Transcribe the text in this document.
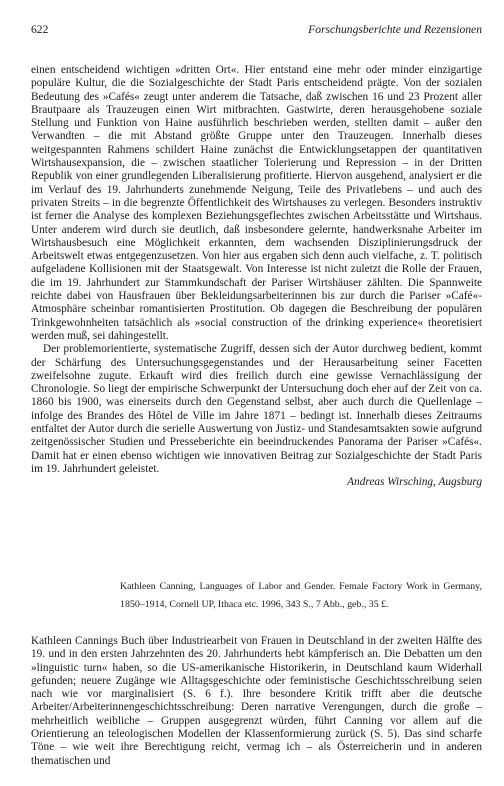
622	Forschungsberichte und Rezensionen

einen entscheidend wichtigen »dritten Ort«. Hier entstand eine mehr oder minder einzigartige populäre Kultur, die die Sozialgeschichte der Stadt Paris entscheidend prägte. Von der sozialen Bedeutung des »Cafés« zeugt unter anderem die Tatsache, daß zwischen 16 und 23 Prozent aller Brautpaare als Trauzeugen einen Wirt mitbrachten. Gastwirte, deren herausgehobene soziale Stellung und Funktion von Haine ausführlich beschrieben werden, stellten damit – außer den Verwandten – die mit Abstand größte Gruppe unter den Trauzeugen. Innerhalb dieses weitgespannten Rahmens schildert Haine zunächst die Entwicklungsetappen der quantitativen Wirtshausexpansion, die – zwischen staatlicher Tolerierung und Repression – in der Dritten Republik von einer grundlegenden Liberalisierung profitierte. Hiervon ausgehend, analysiert er die im Verlauf des 19. Jahrhunderts zunehmende Neigung, Teile des Privatlebens – und auch des privaten Streits – in die begrenzte Öffentlichkeit des Wirtshauses zu verlegen. Besonders instruktiv ist ferner die Analyse des komplexen Beziehungsgeflechtes zwischen Arbeitsstätte und Wirtshaus. Unter anderem wird durch sie deutlich, daß insbesondere gelernte, handwerksnahe Arbeiter im Wirtshausbesuch eine Möglichkeit erkannten, dem wachsenden Disziplinierungsdruck der Arbeitswelt etwas entgegenzusetzen. Von hier aus ergaben sich denn auch vielfache, z. T. politisch aufgeladene Kollisionen mit der Staatsgewalt. Von Interesse ist nicht zuletzt die Rolle der Frauen, die im 19. Jahrhundert zur Stammkundschaft der Pariser Wirtshäuser zählten. Die Spannweite reichte dabei von Hausfrauen über Bekleidungsarbeiterinnen bis zur durch die Pariser »Café«-Atmosphäre scheinbar romantisierten Prostitution. Ob dagegen die Beschreibung der populären Trinkgewohnheiten tatsächlich als »social construction of the drinking experience« theoretisiert werden muß, sei dahingestellt.

Der problemorientierte, systematische Zugriff, dessen sich der Autor durchweg bedient, kommt der Schärfung des Untersuchungsgegenstandes und der Herausarbeitung seiner Facetten zweifelsohne zugute. Erkauft wird dies freilich durch eine gewisse Vernachlässigung der Chronologie. So liegt der empirische Schwerpunkt der Untersuchung doch eher auf der Zeit von ca. 1860 bis 1900, was einerseits durch den Gegenstand selbst, aber auch durch die Quellenlage – infolge des Brandes des Hôtel de Ville im Jahre 1871 – bedingt ist. Innerhalb dieses Zeitraums entfaltet der Autor durch die serielle Auswertung von Justiz- und Standesamtsakten sowie aufgrund zeitgenössischer Studien und Presseberichte ein beeindruckendes Panorama der Pariser »Cafés«. Damit hat er einen ebenso wichtigen wie innovativen Beitrag zur Sozialgeschichte der Stadt Paris im 19. Jahrhundert geleistet.

Andreas Wirsching, Augsburg

Kathleen Canning, Languages of Labor and Gender. Female Factory Work in Germany, 1850–1914, Cornell UP, Ithaca etc. 1996, 343 S., 7 Abb., geb., 35 £.

Kathleen Cannings Buch über Industriearbeit von Frauen in Deutschland in der zweiten Hälfte des 19. und in den ersten Jahrzehnten des 20. Jahrhunderts hebt kämpferisch an. Die Debatten um den »linguistic turn« haben, so die US-amerikanische Historikerin, in Deutschland kaum Widerhall gefunden; neuere Zugänge wie Alltagsgeschichte oder feministische Geschichtsschreibung seien nach wie vor marginalisiert (S. 6 f.). Ihre besondere Kritik trifft aber die deutsche Arbeiter/Arbeiterinnengeschichtsschreibung: Deren narrative Verengungen, durch die große – mehrheitlich weibliche – Gruppen ausgegrenzt würden, führt Canning vor allem auf die Orientierung an teleologischen Modellen der Klassenformierung zurück (S. 5). Das sind scharfe Töne – wie weit ihre Berechtigung reicht, vermag ich – als Österreicherin und in anderen thematischen und
